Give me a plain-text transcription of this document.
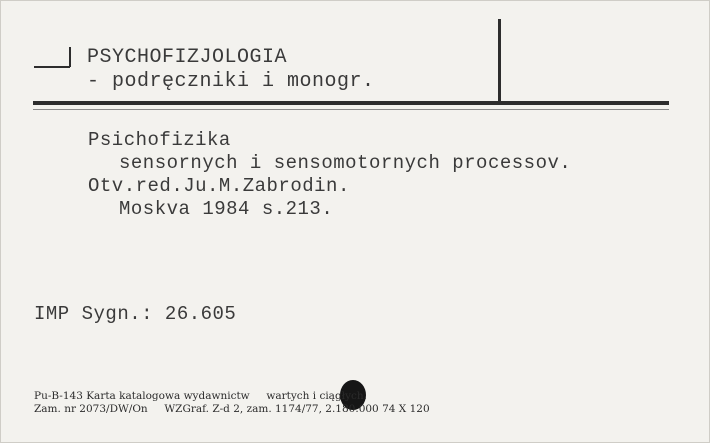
PSYCHOFIZJOLOGIA
- podręczniki i monogr.
Psichofizika
sensornych i sensomotornych processov.
Otv.red.Ju.M.Zabrodin.
Moskva 1984 s.213.
IMP Sygn.: 26.605
Pu-B-143 Karta katalogowa wydawnictw     wartych i ciągłych.
Zam. nr 2073/DW/On     WZGraf. Z-d 2, zam. 1174/77, 2.180.000 74 X 120
